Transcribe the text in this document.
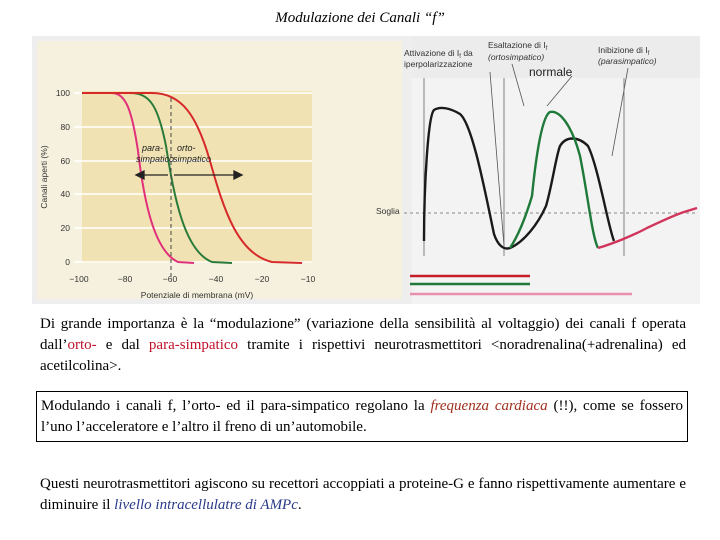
Modulazione dei Canali “f”
100
80
60
40
20
0
−100	−80	−60	−40	−20	−10
Canali aperti (%)
Potenziale di membrana (mV)
para-
simpatico
orto-
simpatico
Attivazione di $I_f$ da
iperpolarizzazione
Esaltazione di $I_f$
(ortosimpatico)
Inibizione di $I_f$
(parasimpatico)
normale
Soglia
Di grande importanza è la “modulazione” (variazione della sensibilità al voltaggio) dei canali f operata dall’orto- e dal para-simpatico tramite i rispettivi neurotrasmettitori <noradrenalina(+adrenalina) ed acetilcolina>.
Modulando i canali f, l’orto- ed il para-simpatico regolano la frequenza cardiaca (!!), come se fossero l’uno l’acceleratore e l’altro il freno di un’automobile.
Questi neurotrasmettitori agiscono su recettori accoppiati a proteine-G e fanno rispettivamente aumentare e diminuire il livello intracellulatre di AMPc.
